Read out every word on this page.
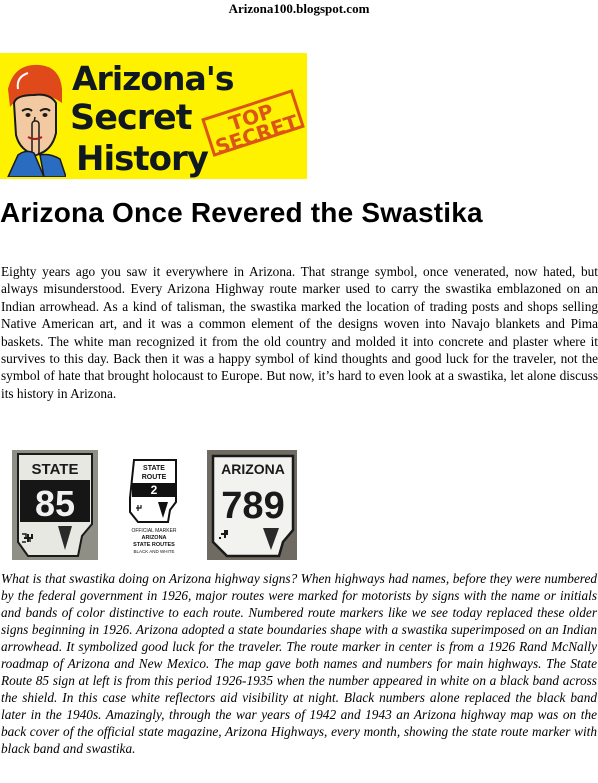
Arizona100.blogspot.com
Arizona's
Secret
History
TOP SECRET
Arizona Once Revered the Swastika

Eighty years ago you saw it everywhere in Arizona. That strange symbol, once venerated, now hated, but always misunderstood. Every Arizona Highway route marker used to carry the swastika emblazoned on an Indian arrowhead. As a kind of talisman, the swastika marked the location of trading posts and shops selling Native American art, and it was a common element of the designs woven into Navajo blankets and Pima baskets. The white man recognized it from the old country and molded it into concrete and plaster where it survives to this day. Back then it was a happy symbol of kind thoughts and good luck for the traveler, not the symbol of hate that brought holocaust to Europe. But now, it’s hard to even look at a swastika, let alone discuss its history in Arizona.

STATE
85
STATE
ROUTE
2
OFFICIAL MARKER
ARIZONA
STATE ROUTES
BLACK AND WHITE
ARIZONA
789

What is that swastika doing on Arizona highway signs? When highways had names, before they were numbered by the federal government in 1926, major routes were marked for motorists by signs with the name or initials and bands of color distinctive to each route. Numbered route markers like we see today replaced these older signs beginning in 1926. Arizona adopted a state boundaries shape with a swastika superimposed on an Indian arrowhead. It symbolized good luck for the traveler. The route marker in center is from a 1926 Rand McNally roadmap of Arizona and New Mexico. The map gave both names and numbers for main highways. The State Route 85 sign at left is from this period 1926-1935 when the number appeared in white on a black band across the shield. In this case white reflectors aid visibility at night. Black numbers alone replaced the black band later in the 1940s. Amazingly, through the war years of 1942 and 1943 an Arizona highway map was on the back cover of the official state magazine, Arizona Highways, every month, showing the state route marker with black band and swastika.
